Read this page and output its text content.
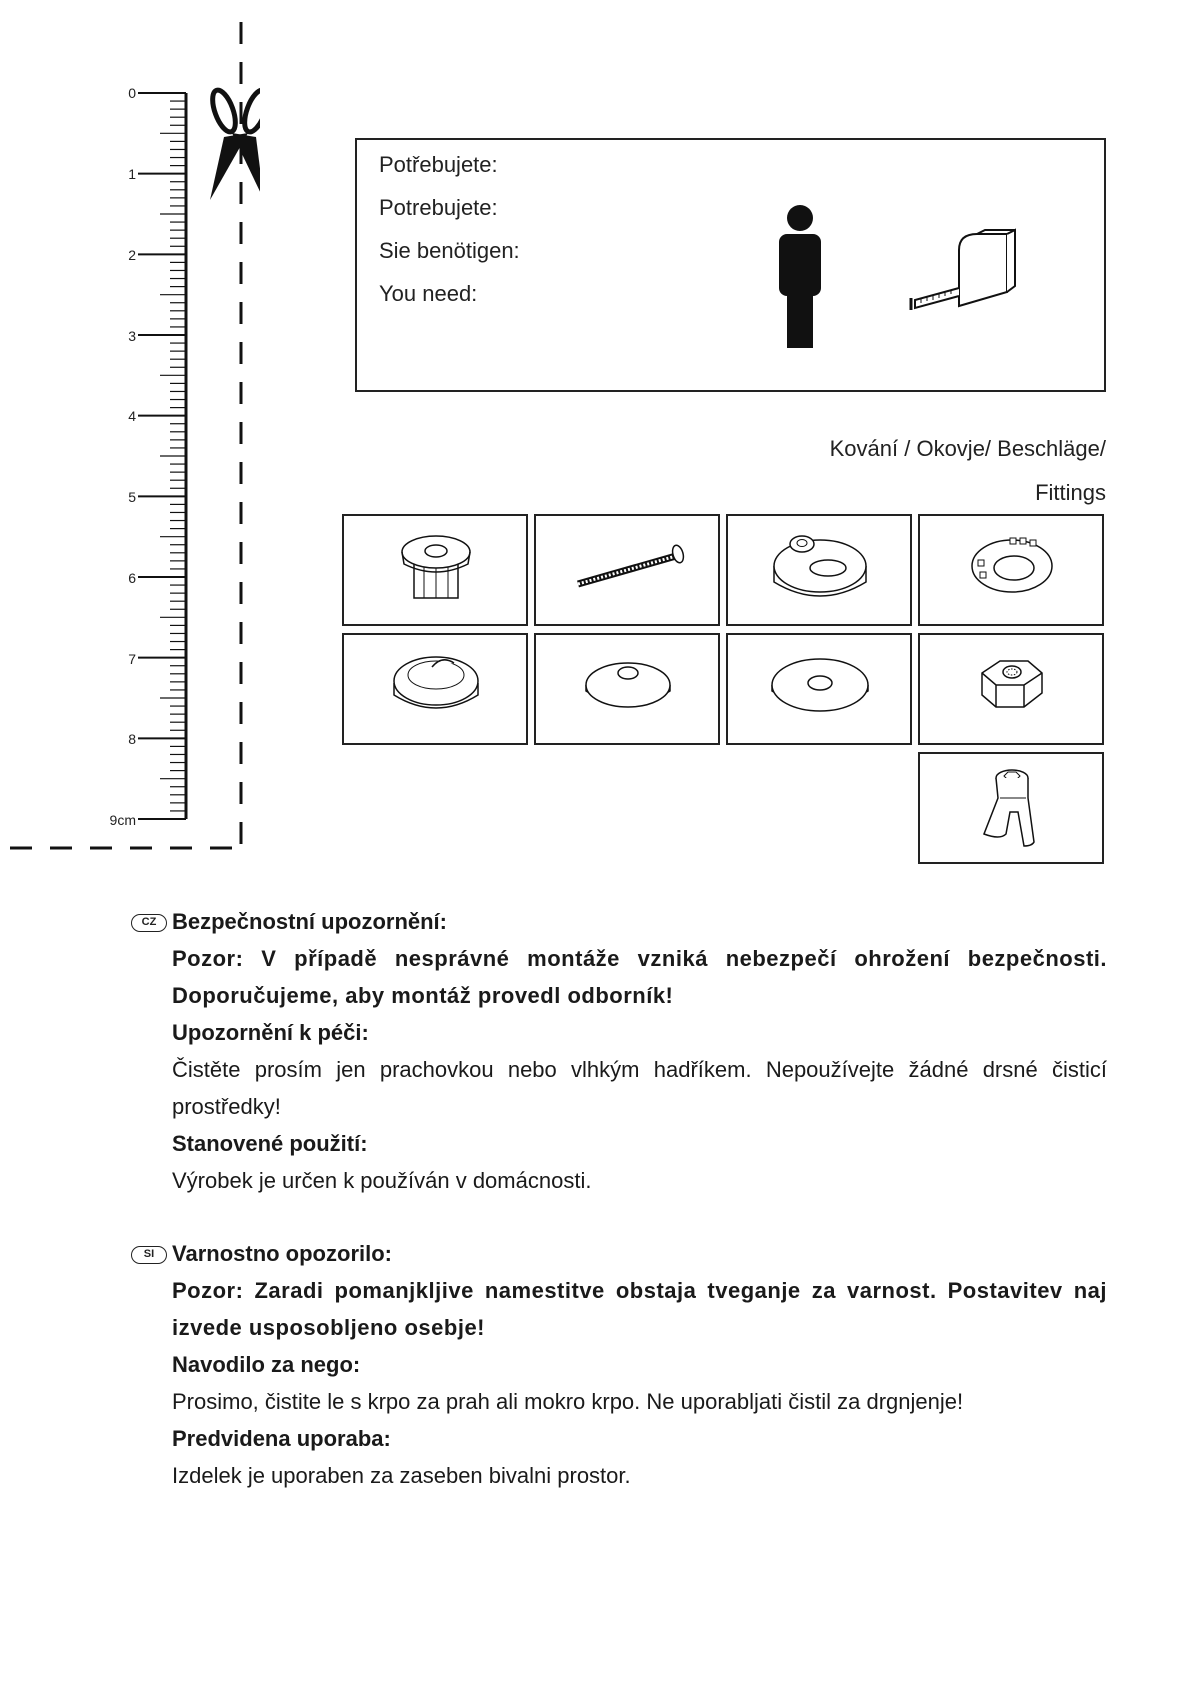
0
1
2
3
4
5
6
7
8
9cm
Potřebujete:
Potrebujete:
Sie benötigen:
You need:
Kování / Okovje/ Beschläge/
Fittings
CZ Bezpečnostní upozornění:
Pozor: V případě nesprávné montáže vzniká nebezpečí ohrožení bezpečnosti. Doporučujeme, aby montáž provedl odborník!
Upozornění k péči:
Čistěte prosím jen prachovkou nebo vlhkým hadříkem. Nepoužívejte žádné drsné čisticí prostředky!
Stanovené použití:
Výrobek je určen k používán v domácnosti.
SI Varnostno opozorilo:
Pozor: Zaradi pomanjkljive namestitve obstaja tveganje za varnost. Postavitev naj izvede usposobljeno osebje!
Navodilo za nego:
Prosimo, čistite le s krpo za prah ali mokro krpo. Ne uporabljati čistil za drgnjenje!
Predvidena uporaba:
Izdelek je uporaben za zaseben bivalni prostor.
